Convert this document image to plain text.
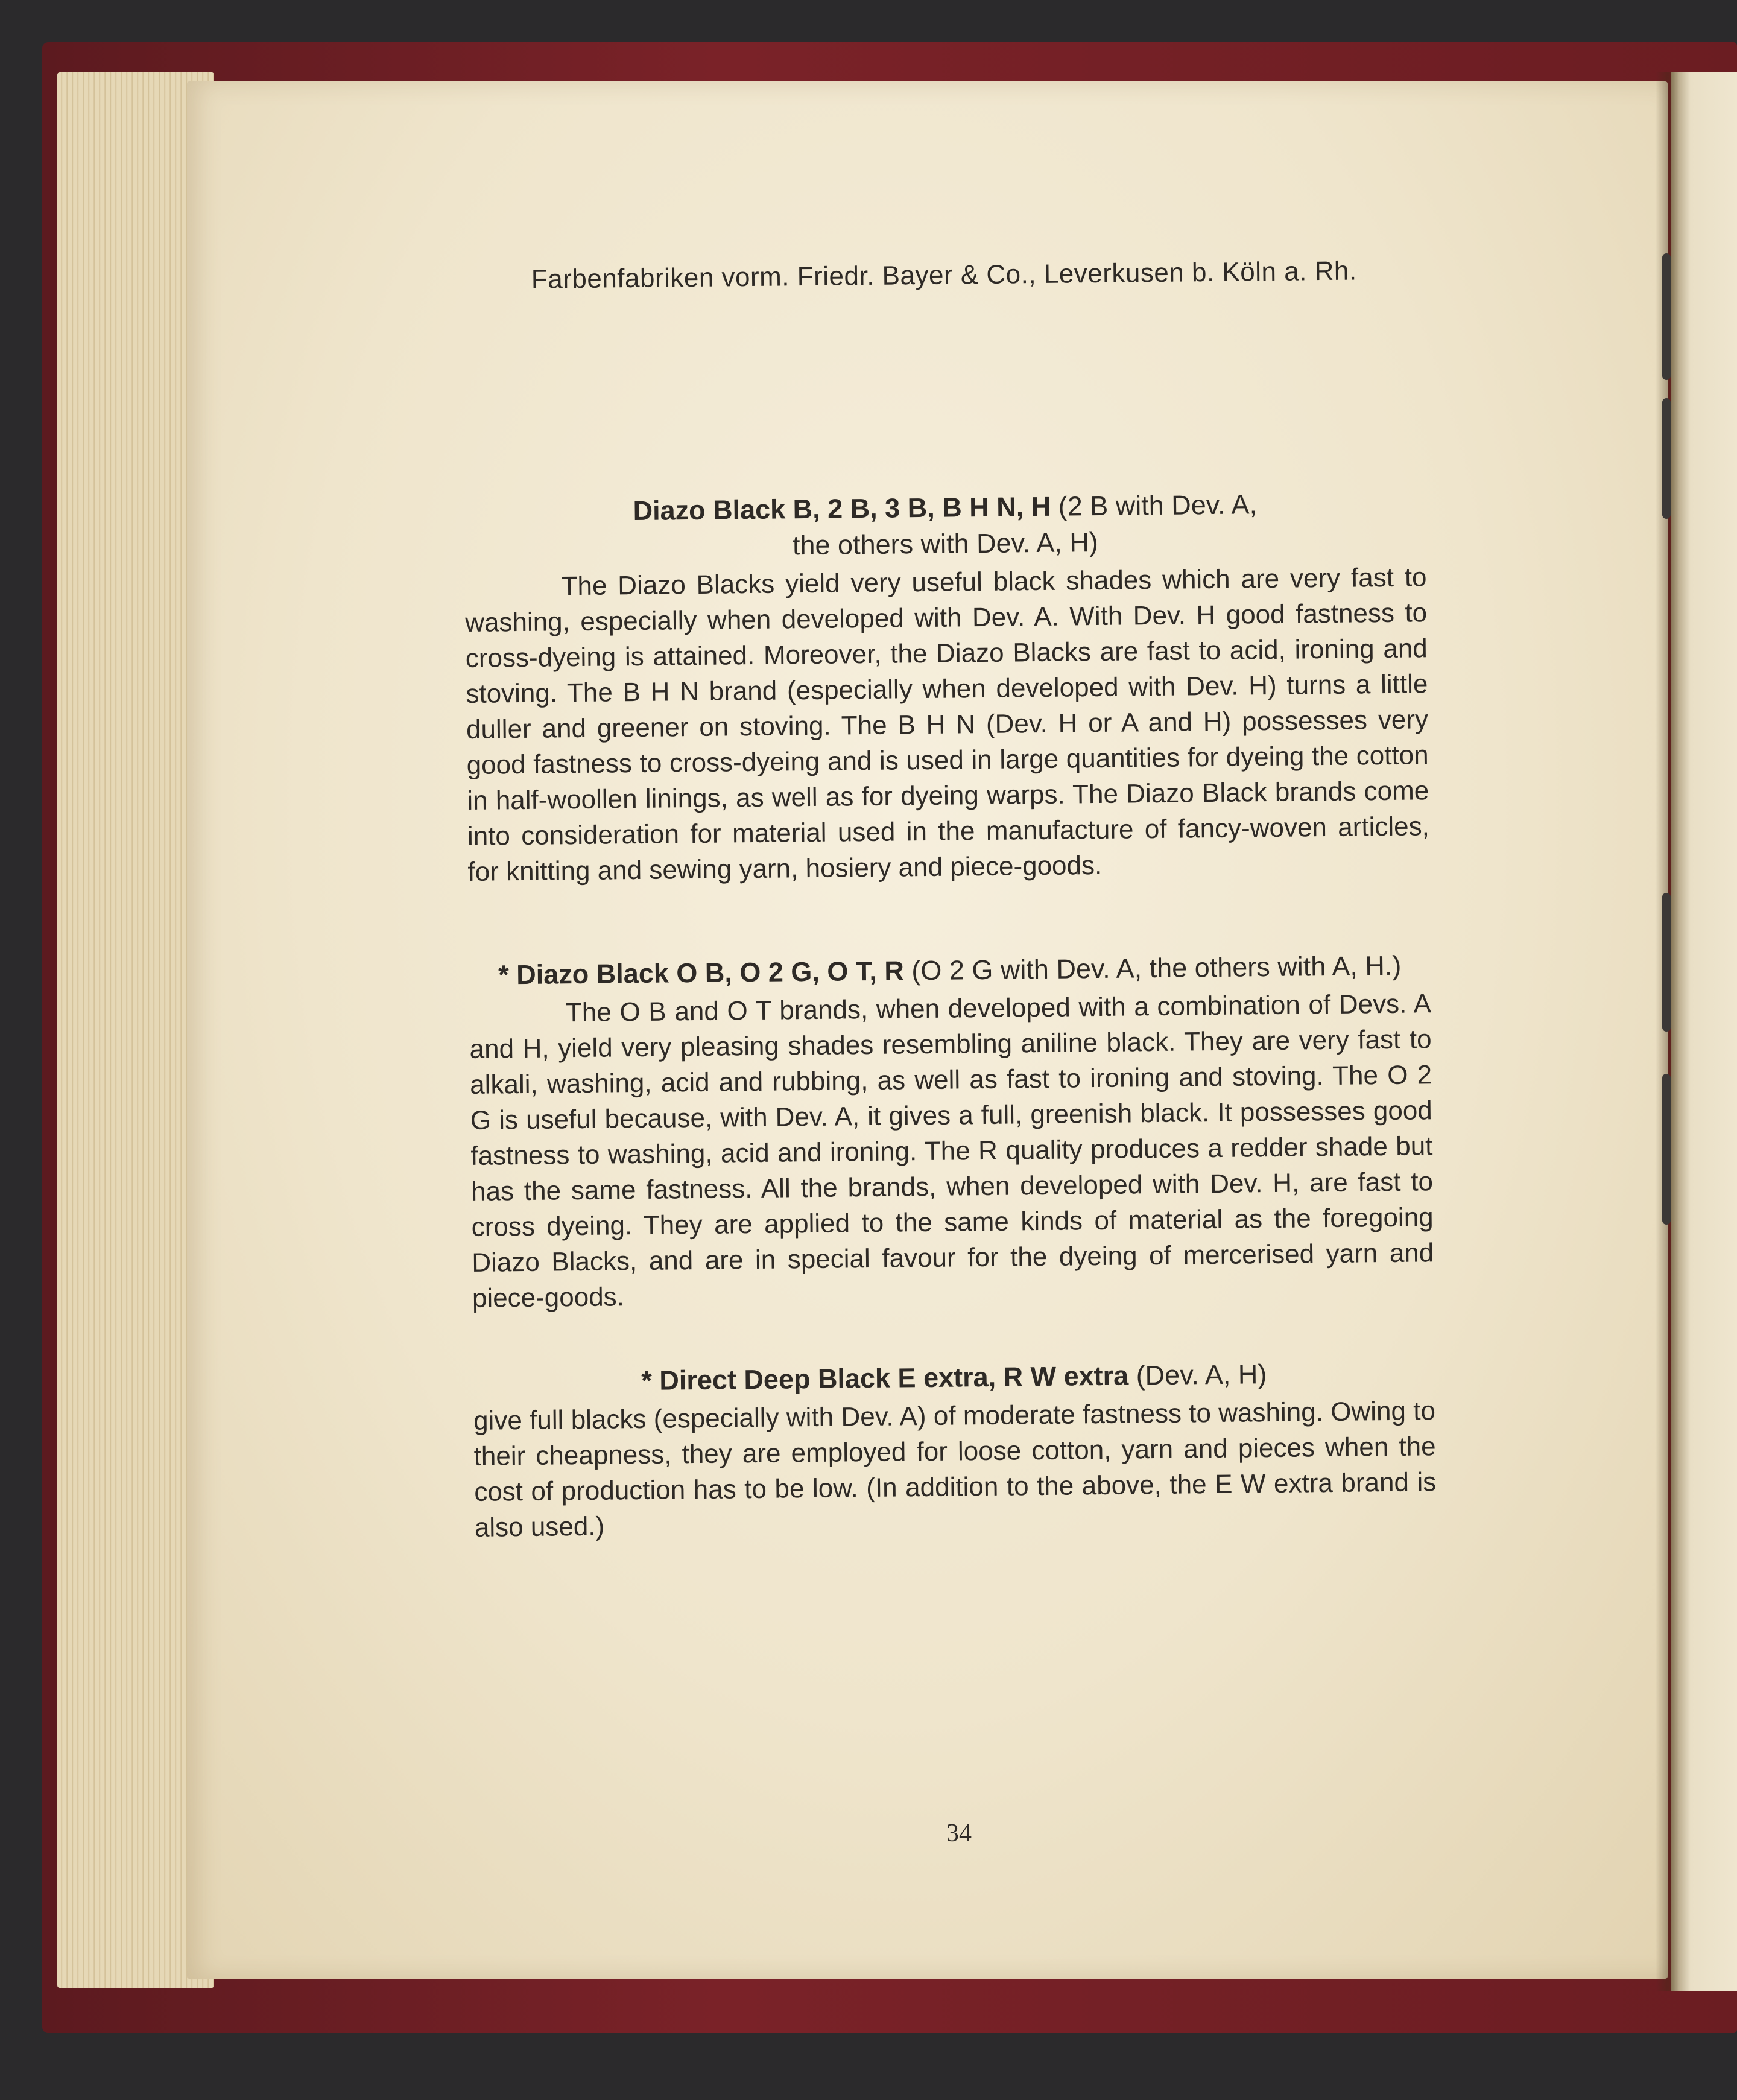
Farbenfabriken vorm. Friedr. Bayer & Co., Leverkusen b. Köln a. Rh.
Diazo Black B, 2 B, 3 B, B H N, H (2 B with Dev. A,
the others with Dev. A, H)
The Diazo Blacks yield very useful black shades which are very fast to washing, especially when developed with Dev. A. With Dev. H good fastness to cross-dyeing is attained. Moreover, the Diazo Blacks are fast to acid, ironing and stoving. The B H N brand (especially when developed with Dev. H) turns a little duller and greener on stoving. The B H N (Dev. H or A and H) possesses very good fastness to cross-dyeing and is used in large quantities for dyeing the cotton in half-woollen linings, as well as for dyeing warps. The Diazo Black brands come into consideration for material used in the manufacture of fancy-woven articles, for knitting and sewing yarn, hosiery and piece-goods.
* Diazo Black O B, O 2 G, O T, R (O 2 G with Dev. A, the others with A, H.)
The O B and O T brands, when developed with a combination of Devs. A and H, yield very pleasing shades resembling aniline black. They are very fast to alkali, washing, acid and rubbing, as well as fast to ironing and stoving. The O 2 G is useful because, with Dev. A, it gives a full, greenish black. It possesses good fastness to washing, acid and ironing. The R quality produces a redder shade but has the same fastness. All the brands, when developed with Dev. H, are fast to cross dyeing. They are applied to the same kinds of material as the foregoing Diazo Blacks, and are in special favour for the dyeing of mercerised yarn and piece-goods.
* Direct Deep Black E extra, R W extra (Dev. A, H)
give full blacks (especially with Dev. A) of moderate fastness to washing. Owing to their cheapness, they are employed for loose cotton, yarn and pieces when the cost of production has to be low. (In addition to the above, the E W extra brand is also used.)
34
